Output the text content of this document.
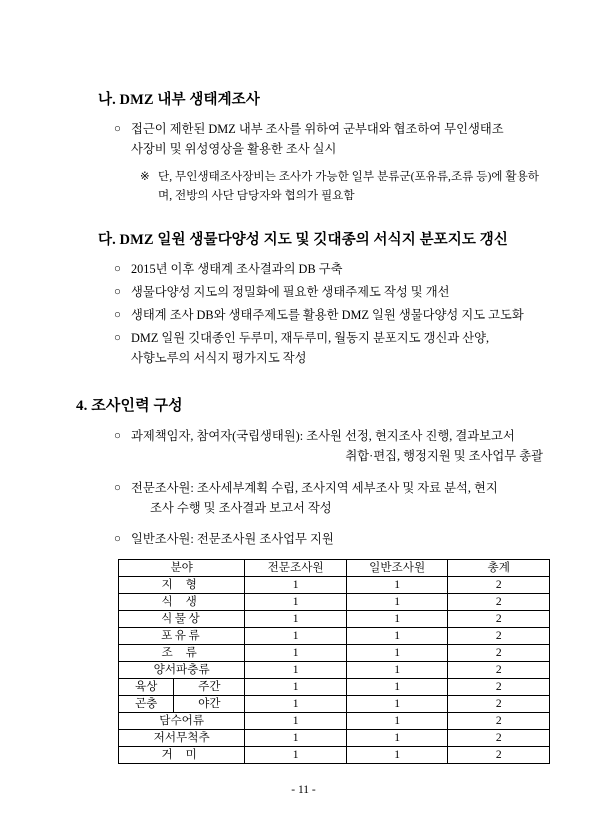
나. DMZ 내부 생태계조사
○ 접근이 제한된 DMZ 내부 조사를 위하여 군부대와 협조하여 무인생태조
사장비 및 위성영상을 활용한 조사 실시
※ 단, 무인생태조사장비는 조사가 가능한 일부 분류군(포유류,조류 등)에 활용하며, 전방의 사단 담당자와 협의가 필요함
다. DMZ 일원 생물다양성 지도 및 깃대종의 서식지 분포지도 갱신
○ 2015년 이후 생태계 조사결과의 DB 구축
○ 생물다양성 지도의 정밀화에 필요한 생태주제도 작성 및 개선
○ 생태계 조사 DB와 생태주제도를 활용한 DMZ 일원 생물다양성 지도 고도화
○ DMZ 일원 깃대종인 두루미, 재두루미, 월동지 분포지도 갱신과 산양,
사향노루의 서식지 평가지도 작성
4. 조사인력 구성
○ 과제책임자, 참여자(국립생태원): 조사원 선정, 현지조사 진행, 결과보고서
취합·편집, 행정지원 및 조사업무 총괄
○ 전문조사원: 조사세부계획 수립, 조사지역 세부조사 및 자료 분석, 현지
조사 수행 및 조사결과 보고서 작성
○ 일반조사원: 전문조사원 조사업무 지원
분야		전문조사원	일반조사원	총계
지 형		1	1	2
식 생		1	1	2
식물상		1	1	2
포유류		1	1	2
조 류		1	1	2
양서파충류		1	1	2
육상	주간	1	1	2
곤충	야간	1	1	2
담수어류		1	1	2
저서무척추		1	1	2
거 미		1	1	2
- 11 -
